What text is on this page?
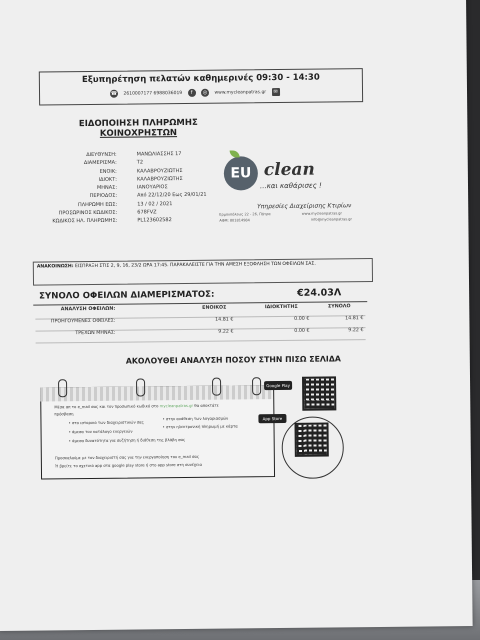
Εξυπηρέτηση πελατών καθημερινές 09:30 - 14:30
☎ 2610007177 6988036019 f ◎ www.mycleanpatras.gr ✉
ΕΙΔΟΠΟΙΗΣΗ ΠΛΗΡΩΜΗΣ
ΚΟΙΝΟΧΡΗΣΤΩΝ
ΔΙΕΥΘΥΝΣΗ:	ΜΑΝΩΛΙΑΣΣΗΣ 17
ΔΙΑΜΕΡΙΣΜΑ:	Τ2
ΕΝΟΙΚ:	ΚΑΛΑΒΡΟΥΖΙΩΤΗΣ
ΙΔΙΟΚΤ:	ΚΑΛΑΒΡΟΥΖΙΩΤΗΣ
ΜΗΝΑΣ:	ΙΑΝΟΥΑΡΙΟΣ
ΠΕΡΙΟΔΟΣ:	Από 22/12/20 Εως 29/01/21
ΠΛΗΡΩΜΗ ΕΩΣ:	13 / 02 / 2021
ΠΡΟΣΩΡΙΝΟΣ ΚΩΔΙΚΟΣ:	678FVZ
ΚΩΔΙΚΟΣ ΗΛ. ΠΛΗΡΩΜΗΣ:	PL123602582
EU clean
...και καθάρισες !
Υπηρεσίες Διαχείρισης Κτιρίων
Ερμουπόλεως 22 - 26, Πάτρα	www.mycleanpatras.gr
ΑΦΜ: 801814984	info@mycleanpatras.gr
ΑΝΑΚΟΙΝΩΣΗ: ΕΙΣΠΡΑΞΗ ΣΤΙΣ 2, 9, 16, 23/2 ΩΡΑ 17:45. ΠΑΡΑΚΑΛΕΙΣΤΕ ΓΙΑ ΤΗΝ ΑΜΕΣΗ ΕΞΟΦΛΗΣΗ ΤΩΝ ΟΦΕΙΛΩΝ ΣΑΣ.
ΣΥΝΟΛΟ ΟΦΕΙΛΩΝ ΔΙΑΜΕΡΙΣΜΑΤΟΣ:	€24.03Λ
ΑΝΑΛΥΣΗ ΟΦΕΙΛΩΝ:	ΕΝΟΙΚΟΣ	ΙΔΙΟΚΤΗΤΗΣ	ΣΥΝΟΛΟ
ΠΡΟΗΓΟΥΜΕΝΕΣ ΟΦΕΙΛΕΣ:	14.81 €	0.00 €	14.81 €
ΤΡΕΧΩΝ ΜΗΝΑΣ:	9.22 €	0.00 €	9.22 €
ΑΚΟΛΟΥΘΕΙ ΑΝΑΛΥΣΗ ΠΟΣΟΥ ΣΤΗΝ ΠΙΣΩ ΣΕΛΙΔΑ
Μέσα απ το e_mail σας και τον προσωπικό κωδικό στο mycleanpatras.gr θα αποκτάτε
πρόσβαση
• στο ιστορικό των διαχειριστικών σας
• στην ανάθεση των λογαριασμών
• άμεσα τον κατάλογο ενεργειών
• στην ηλεκτρονική πληρωμή με κάρτα
• άμεσα δυνατότητα για συζήτηση ή διάθεση της βλάβη σας
Προσκαλούμε με τον διαχειριστή σας για την ενεργοποίηση του e_mail σας
Ή βρείτε το σχετικό app στα google play store ή στο app store στη συνέχεια
Google Play
App Store
